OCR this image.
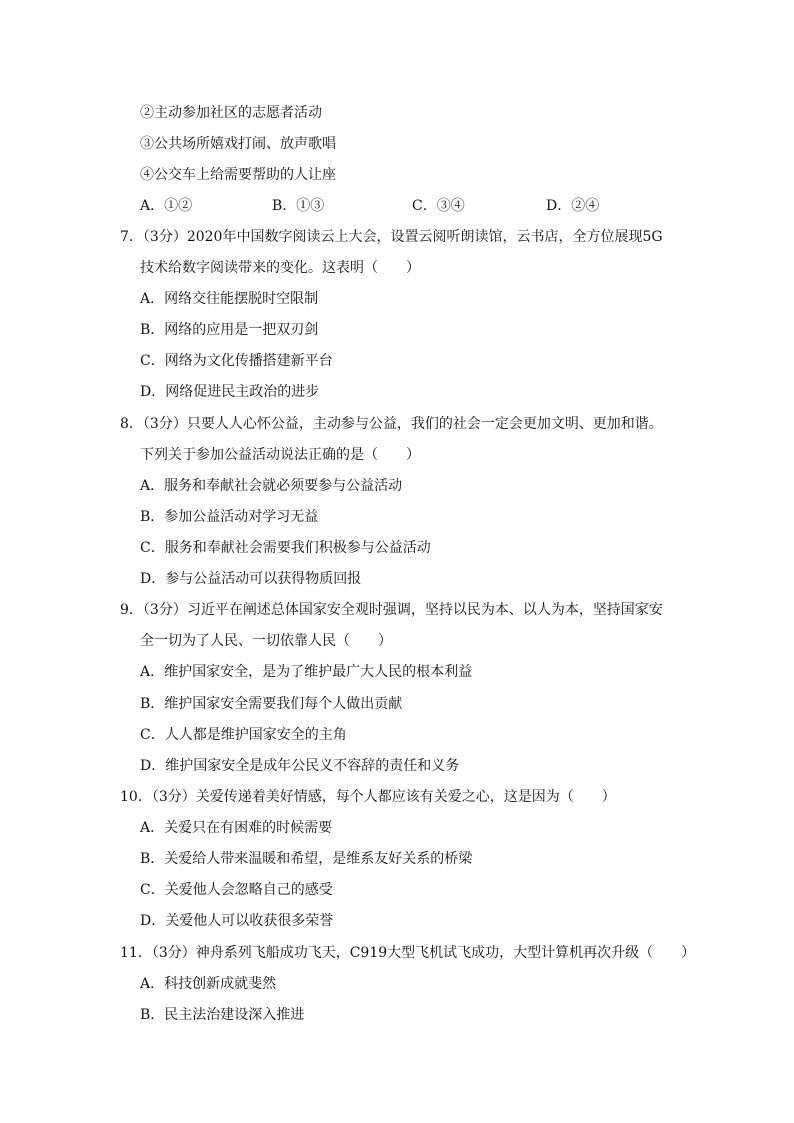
②主动参加社区的志愿者活动
③公共场所嬉戏打闹、放声歌唱
④公交车上给需要帮助的人让座
A．①②	B．①③	C．③④	D．②④
7．（3分）2020年中国数字阅读云上大会，设置云阅听朗读馆，云书店，全方位展现5G
技术给数字阅读带来的变化。这表明（　　）
A．网络交往能摆脱时空限制
B．网络的应用是一把双刃剑
C．网络为文化传播搭建新平台
D．网络促进民主政治的进步
8．（3分）只要人人心怀公益，主动参与公益，我们的社会一定会更加文明、更加和谐。
下列关于参加公益活动说法正确的是（　　）
A．服务和奉献社会就必须要参与公益活动
B．参加公益活动对学习无益
C．服务和奉献社会需要我们积极参与公益活动
D．参与公益活动可以获得物质回报
9．（3分）习近平在阐述总体国家安全观时强调，坚持以民为本、以人为本，坚持国家安
全一切为了人民、一切依靠人民（　　）
A．维护国家安全，是为了维护最广大人民的根本利益
B．维护国家安全需要我们每个人做出贡献
C．人人都是维护国家安全的主角
D．维护国家安全是成年公民义不容辞的责任和义务
10．（3分）关爱传递着美好情感，每个人都应该有关爱之心，这是因为（　　）
A．关爱只在有困难的时候需要
B．关爱给人带来温暖和希望，是维系友好关系的桥梁
C．关爱他人会忽略自己的感受
D．关爱他人可以收获很多荣誉
11．（3分）神舟系列飞船成功飞天，C919大型飞机试飞成功，大型计算机再次升级（　　）
A．科技创新成就斐然
B．民主法治建设深入推进
